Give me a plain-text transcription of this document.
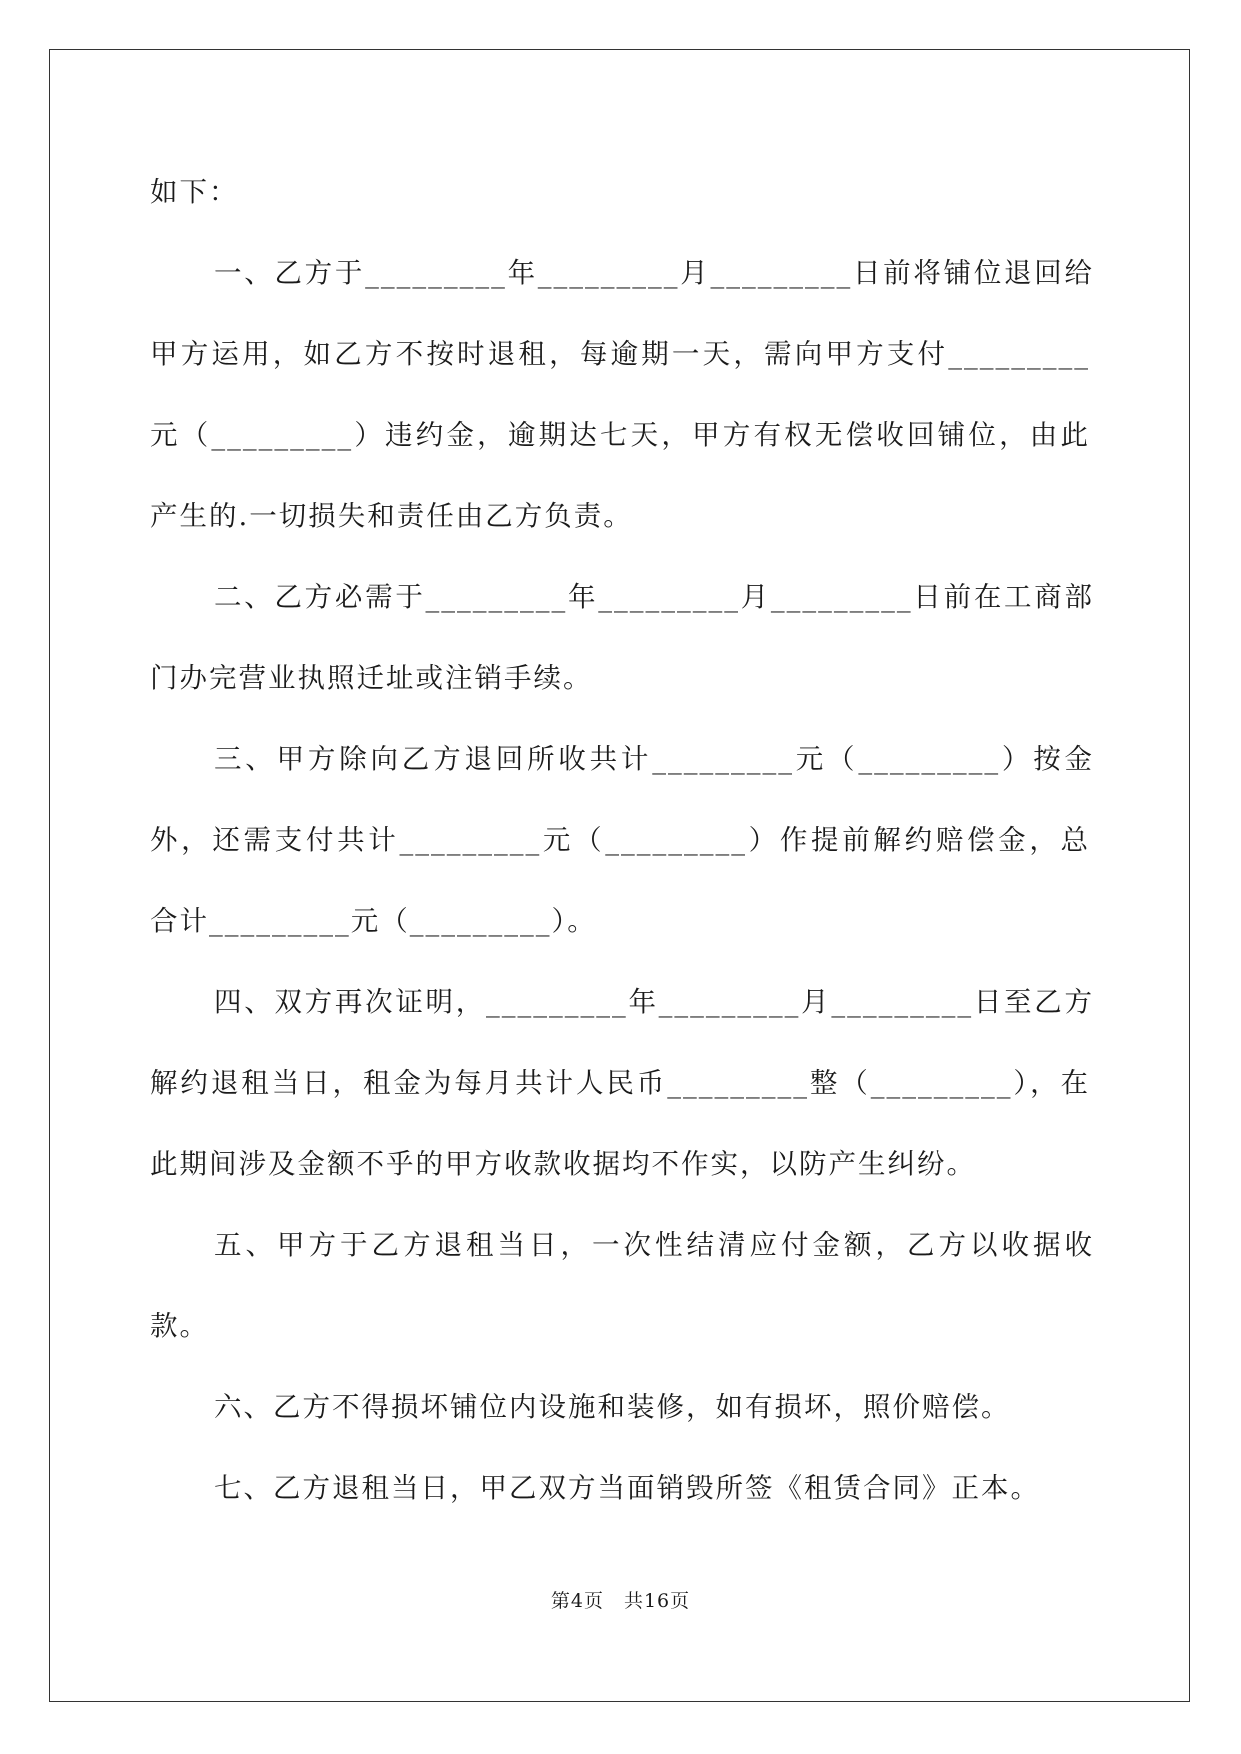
如下：
一、乙方于_________年_________月_________日前将铺位退回给
甲方运用，如乙方不按时退租，每逾期一天，需向甲方支付_________
元（_________）违约金，逾期达七天，甲方有权无偿收回铺位，由此
产生的.一切损失和责任由乙方负责。
二、乙方必需于_________年_________月_________日前在工商部
门办完营业执照迁址或注销手续。
三、甲方除向乙方退回所收共计_________元（_________）按金
外，还需支付共计_________元（_________）作提前解约赔偿金，总
合计_________元（_________）。
四、双方再次证明，_________年_________月_________日至乙方
解约退租当日，租金为每月共计人民币_________整（_________），在
此期间涉及金额不乎的甲方收款收据均不作实，以防产生纠纷。
五、甲方于乙方退租当日，一次性结清应付金额，乙方以收据收
款。
六、乙方不得损坏铺位内设施和装修，如有损坏，照价赔偿。
七、乙方退租当日，甲乙双方当面销毁所签《租赁合同》正本。
第4页　共16页
